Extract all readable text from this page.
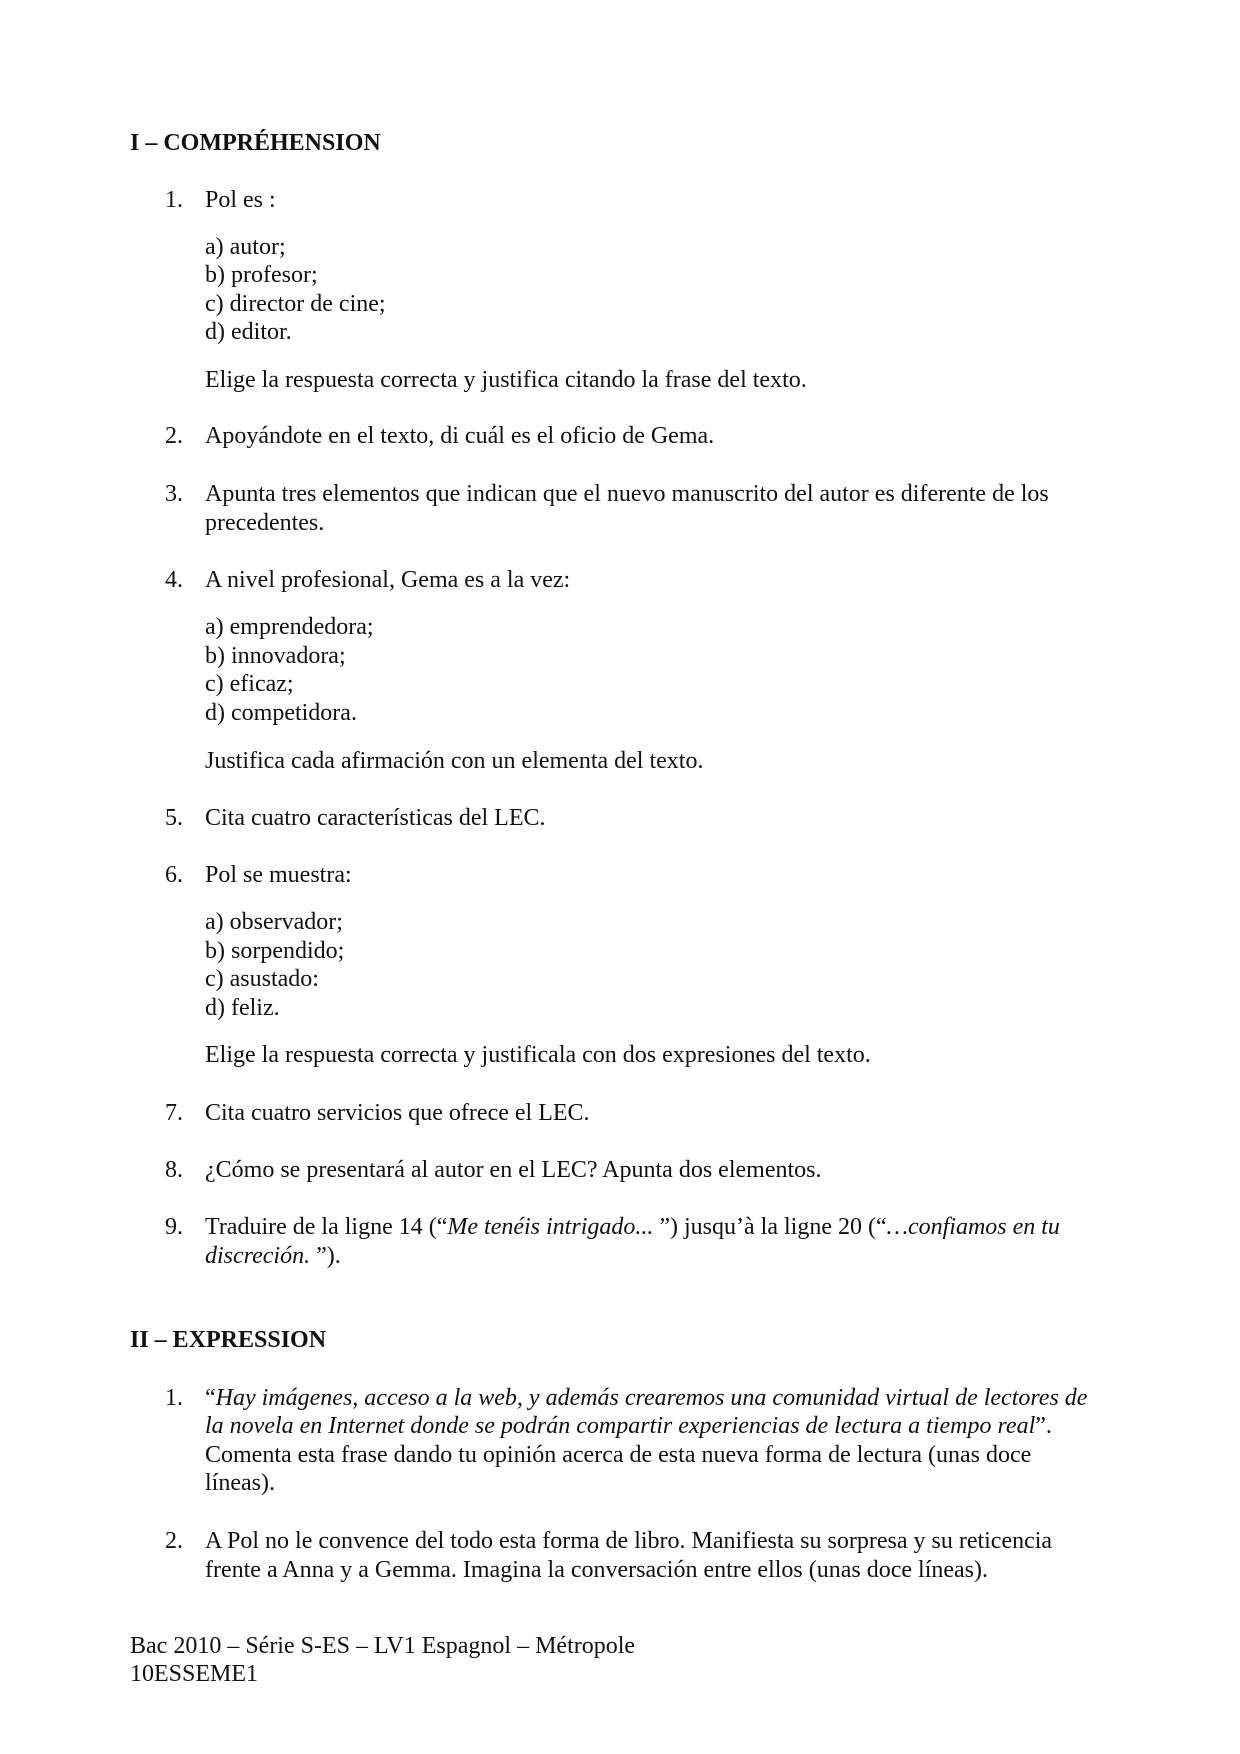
I – COMPRÉHENSION
1. Pol es :
a) autor;
b) profesor;
c) director de cine;
d) editor.
Elige la respuesta correcta y justifica citando la frase del texto.
2. Apoyándote en el texto, di cuál es el oficio de Gema.
3. Apunta tres elementos que indican que el nuevo manuscrito del autor es diferente de los
precedentes.
4. A nivel profesional, Gema es a la vez:
a) emprendedora;
b) innovadora;
c) eficaz;
d) competidora.
Justifica cada afirmación con un elementa del texto.
5. Cita cuatro características del LEC.
6. Pol se muestra:
a) observador;
b) sorpendido;
c) asustado:
d) feliz.
Elige la respuesta correcta y justificala con dos expresiones del texto.
7. Cita cuatro servicios que ofrece el LEC.
8. ¿Cómo se presentará al autor en el LEC? Apunta dos elementos.
9. Traduire de la ligne 14 (“Me tenéis intrigado... ”) jusqu’à la ligne 20 (“…confiamos en tu
discreción. ”).
II – EXPRESSION
1. “Hay imágenes, acceso a la web, y además crearemos una comunidad virtual de lectores de
la novela en Internet donde se podrán compartir experiencias de lectura a tiempo real”.
Comenta esta frase dando tu opinión acerca de esta nueva forma de lectura (unas doce
líneas).
2. A Pol no le convence del todo esta forma de libro. Manifiesta su sorpresa y su reticencia
frente a Anna y a Gemma. Imagina la conversación entre ellos (unas doce líneas).
Bac 2010 – Série S-ES – LV1 Espagnol – Métropole
10ESSEME1
